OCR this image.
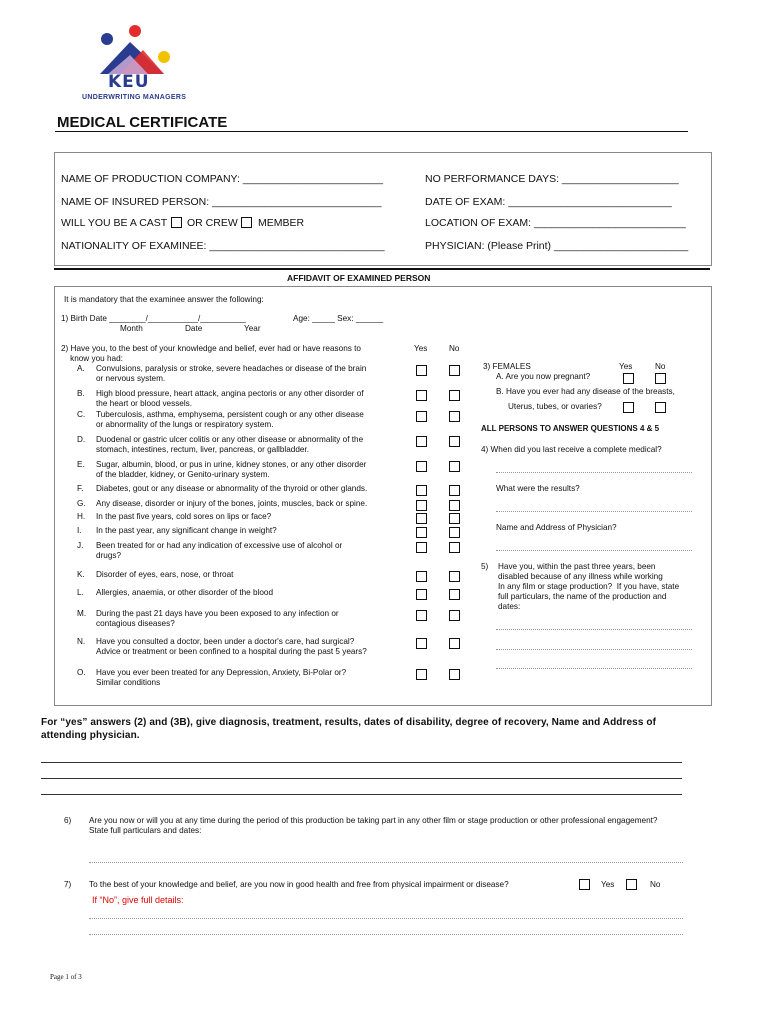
KEU
UNDERWRITING MANAGERS
MEDICAL CERTIFICATE
NAME OF PRODUCTION COMPANY: ________________________	NO PERFORMANCE DAYS: ____________________
NAME OF INSURED PERSON: _____________________________	DATE OF EXAM: ____________________________
WILL YOU BE A CAST OR CREW MEMBER	LOCATION OF EXAM: __________________________
NATIONALITY OF EXAMINEE: ______________________________	PHYSICIAN: (Please Print) _______________________
AFFIDAVIT OF EXAMINED PERSON
It is mandatory that the examinee answer the following:
1) Birth Date ________/___________/__________	Age: _____ Sex: ______
Month	Date	Year
2) Have you, to the best of your knowledge and belief, ever had or have reasons to
know you had:
Yes	No
A. Convulsions, paralysis or stroke, severe headaches or disease of the brain
or nervous system.
B. High blood pressure, heart attack, angina pectoris or any other disorder of
the heart or blood vessels.
C. Tuberculosis, asthma, emphysema, persistent cough or any other disease
or abnormality of the lungs or respiratory system.
D. Duodenal or gastric ulcer colitis or any other disease or abnormality of the
stomach, intestines, rectum, liver, pancreas, or gallbladder.
E. Sugar, albumin, blood, or pus in urine, kidney stones, or any other disorder
of the bladder, kidney, or Genito-urinary system.
F. Diabetes, gout or any disease or abnormality of the thyroid or other glands.
G. Any disease, disorder or injury of the bones, joints, muscles, back or spine.
H. In the past five years, cold sores on lips or face?
I. In the past year, any significant change in weight?
J. Been treated for or had any indication of excessive use of alcohol or
drugs?
K. Disorder of eyes, ears, nose, or throat
L. Allergies, anaemia, or other disorder of the blood
M. During the past 21 days have you been exposed to any infection or
contagious diseases?
N. Have you consulted a doctor, been under a doctor's care, had surgical?
Advice or treatment or been confined to a hospital during the past 5 years?
O. Have you ever been treated for any Depression, Anxiety, Bi-Polar or?
Similar conditions
3) FEMALES	Yes	No
A. Are you now pregnant?
B. Have you ever had any disease of the breasts,
Uterus, tubes, or ovaries?
ALL PERSONS TO ANSWER QUESTIONS 4 & 5
4) When did you last receive a complete medical?
What were the results?
Name and Address of Physician?
5) Have you, within the past three years, been
disabled because of any illness while working
In any film or stage production?  If you have, state
full particulars, the name of the production and
dates:
For “yes” answers (2) and (3B), give diagnosis, treatment, results, dates of disability, degree of recovery, Name and Address of attending physician.
6) Are you now or will you at any time during the period of this production be taking part in any other film or stage production or other professional engagement?
State full particulars and dates:
7) To the best of your knowledge and belief, are you now in good health and free from physical impairment or disease?	Yes	No
If “No”, give full details:
Page 1 of 3
